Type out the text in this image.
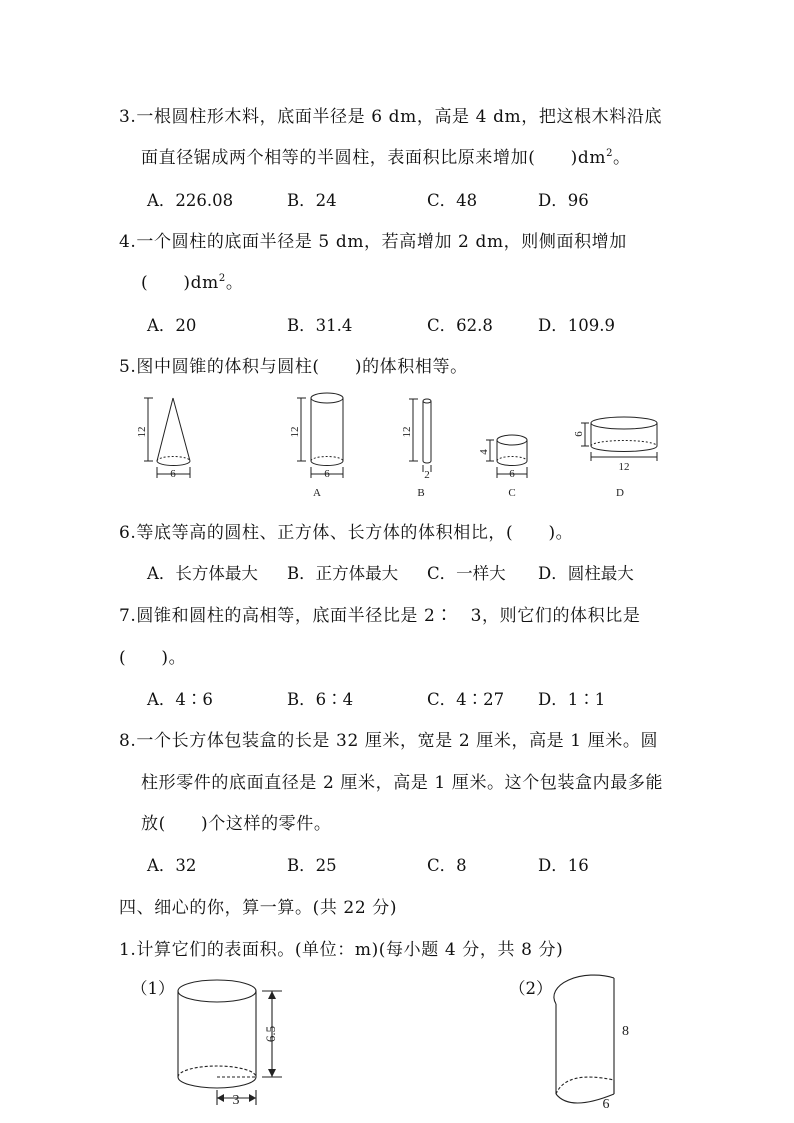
3.一根圆柱形木料，底面半径是 6 dm，高是 4 dm，把这根木料沿底
面直径锯成两个相等的半圆柱，表面积比原来增加(　　)$dm^2$。
A．226.08	B．24	C．48	D．96
4.一个圆柱的底面半径是 5 dm，若高增加 2 dm，则侧面积增加
(　　)$dm^2$。
A．20	B．31.4	C．62.8	D．109.9
5.图中圆锥的体积与圆柱(　　)的体积相等。
12
6
12
6
A
12
2
B
4
6
C
6
12
D
6.等底等高的圆柱、正方体、长方体的体积相比，(　　)。
A．长方体最大 B．正方体最大 C．一样大 D．圆柱最大
7.圆锥和圆柱的高相等，底面半径比是 2∶　3，则它们的体积比是
(　　)。
A．4∶6	B．6∶4	C．4∶27 D．1∶1
8.一个长方体包装盒的长是 32 厘米，宽是 2 厘米，高是 1 厘米。圆
柱形零件的底面直径是 2 厘米，高是 1 厘米。这个包装盒内最多能
放(　　)个这样的零件。
A．32	B．25	C．8	D．16
四、细心的你，算一算。(共 22 分)
1.计算它们的表面积。(单位：m)(每小题 4 分，共 8 分)
（1）	（2）
6.5
3
8
6
